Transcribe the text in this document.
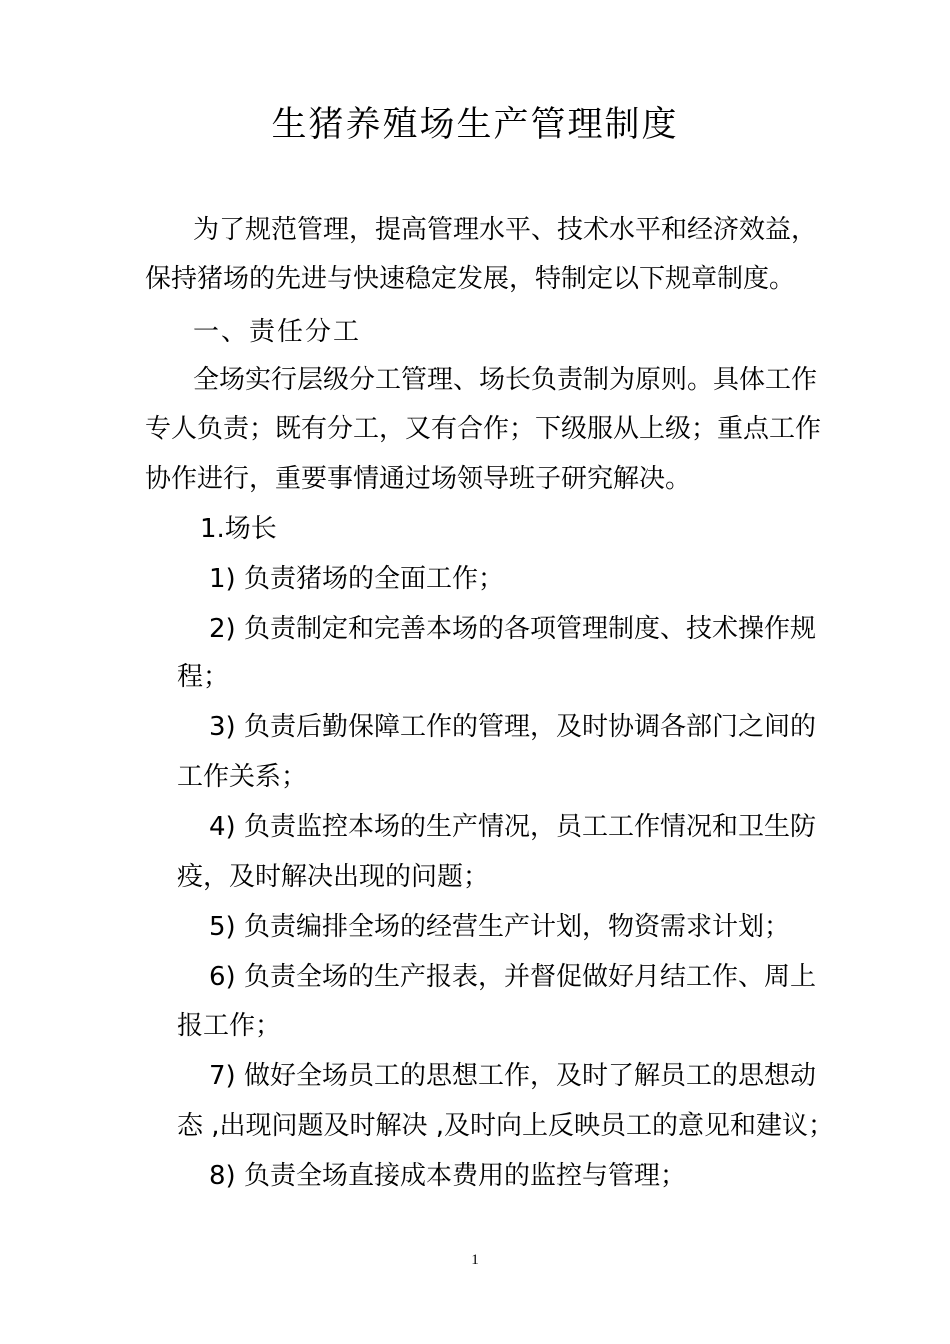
生猪养殖场生产管理制度
为了规范管理，提高管理水平、技术水平和经济效益，
保持猪场的先进与快速稳定发展，特制定以下规章制度。
一、责任分工
全场实行层级分工管理、场长负责制为原则。具体工作
专人负责；既有分工，又有合作；下级服从上级；重点工作
协作进行，重要事情通过场领导班子研究解决。
1.场长
1) 负责猪场的全面工作；
2) 负责制定和完善本场的各项管理制度、技术操作规
程；
3) 负责后勤保障工作的管理，及时协调各部门之间的
工作关系；
4) 负责监控本场的生产情况，员工工作情况和卫生防
疫，及时解决出现的问题；
5) 负责编排全场的经营生产计划，物资需求计划；
6) 负责全场的生产报表，并督促做好月结工作、周上
报工作；
7) 做好全场员工的思想工作，及时了解员工的思想动
态 ,出现问题及时解决 ,及时向上反映员工的意见和建议；
8) 负责全场直接成本费用的监控与管理；
1
